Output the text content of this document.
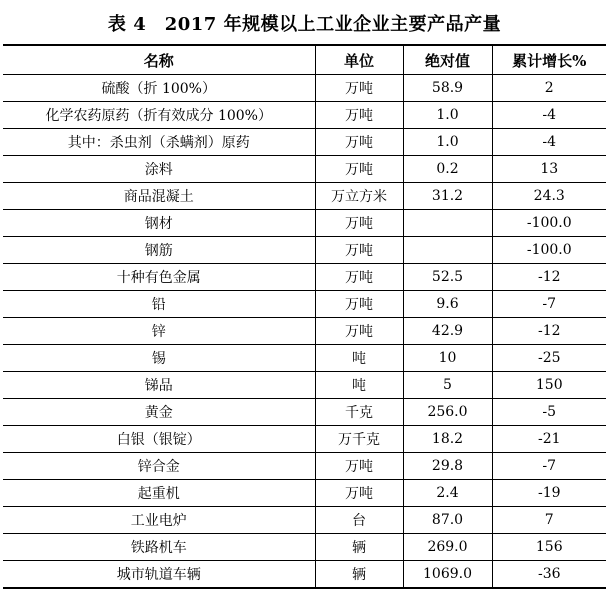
表 4　2017 年规模以上工业企业主要产品产量
名称	单位	绝对值	累计增长%
硫酸（折 100%）	万吨	58.9	2
化学农药原药（折有效成分 100%）	万吨	1.0	-4
其中：杀虫剂（杀螨剂）原药	万吨	1.0	-4
涂料	万吨	0.2	13
商品混凝土	万立方米	31.2	24.3
钢材	万吨		-100.0
钢筋	万吨		-100.0
十种有色金属	万吨	52.5	-12
铅	万吨	9.6	-7
锌	万吨	42.9	-12
锡	吨	10	-25
锑品	吨	5	150
黄金	千克	256.0	-5
白银（银锭）	万千克	18.2	-21
锌合金	万吨	29.8	-7
起重机	万吨	2.4	-19
工业电炉	台	87.0	7
铁路机车	辆	269.0	156
城市轨道车辆	辆	1069.0	-36
